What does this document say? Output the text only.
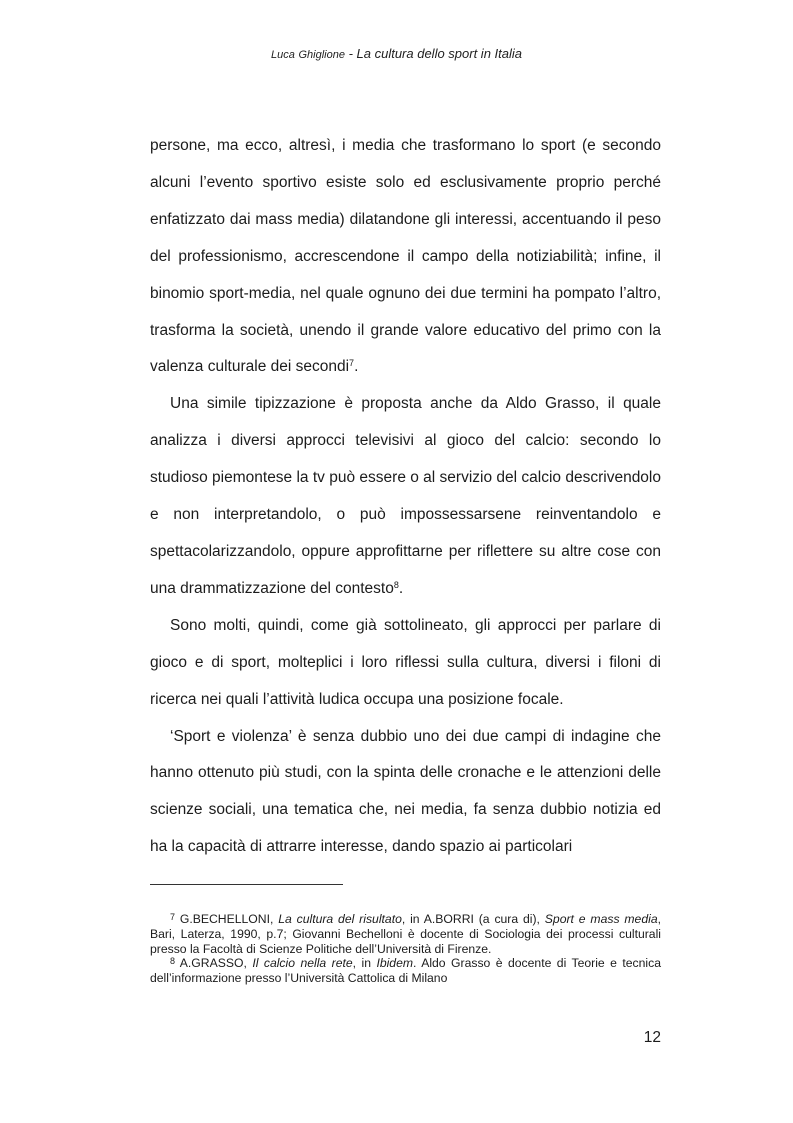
Luca Ghiglione - La cultura dello sport in Italia

persone, ma ecco, altresì, i media che trasformano lo sport (e secondo alcuni l’evento sportivo esiste solo ed esclusivamente proprio perché enfatizzato dai mass media) dilatandone gli interessi, accentuando il peso del professionismo, accrescendone il campo della notiziabilità; infine, il binomio sport-media, nel quale ognuno dei due termini ha pompato l’altro, trasforma la società, unendo il grande valore educativo del primo con la valenza culturale dei secondi$^7$.

Una simile tipizzazione è proposta anche da Aldo Grasso, il quale analizza i diversi approcci televisivi al gioco del calcio: secondo lo studioso piemontese la tv può essere o al servizio del calcio descrivendolo e non interpretandolo, o può impossessarsene reinventandolo e spettacolarizzandolo, oppure approfittarne per riflettere su altre cose con una drammatizzazione del contesto$^8$.

Sono molti, quindi, come già sottolineato, gli approcci per parlare di gioco e di sport, molteplici i loro riflessi sulla cultura, diversi i filoni di ricerca nei quali l’attività ludica occupa una posizione focale.

‘Sport e violenza’ è senza dubbio uno dei due campi di indagine che hanno ottenuto più studi, con la spinta delle cronache e le attenzioni delle scienze sociali, una tematica che, nei media, fa senza dubbio notizia ed ha la capacità di attrarre interesse, dando spazio ai particolari

$^7$ G.BECHELLONI, La cultura del risultato, in A.BORRI (a cura di), Sport e mass media, Bari, Laterza, 1990, p.7; Giovanni Bechelloni è docente di Sociologia dei processi culturali presso la Facoltà di Scienze Politiche dell’Università di Firenze.

$^8$ A.GRASSO, Il calcio nella rete, in Ibidem. Aldo Grasso è docente di Teorie e tecnica dell’informazione presso l’Università Cattolica di Milano

12
